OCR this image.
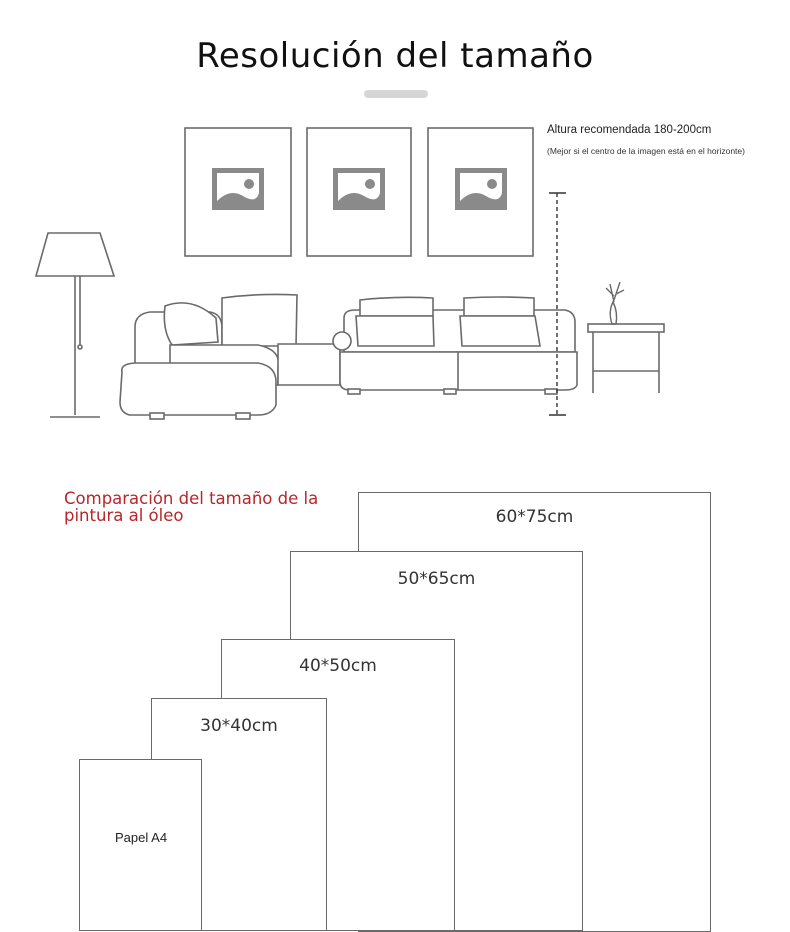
Resolución del tamaño
Altura recomendada 180-200cm
(Mejor si el centro de la imagen está en el horizonte)
Comparación del tamaño de la pintura al óleo	60*75cm
50*65cm
40*50cm
30*40cm
Papel A4
